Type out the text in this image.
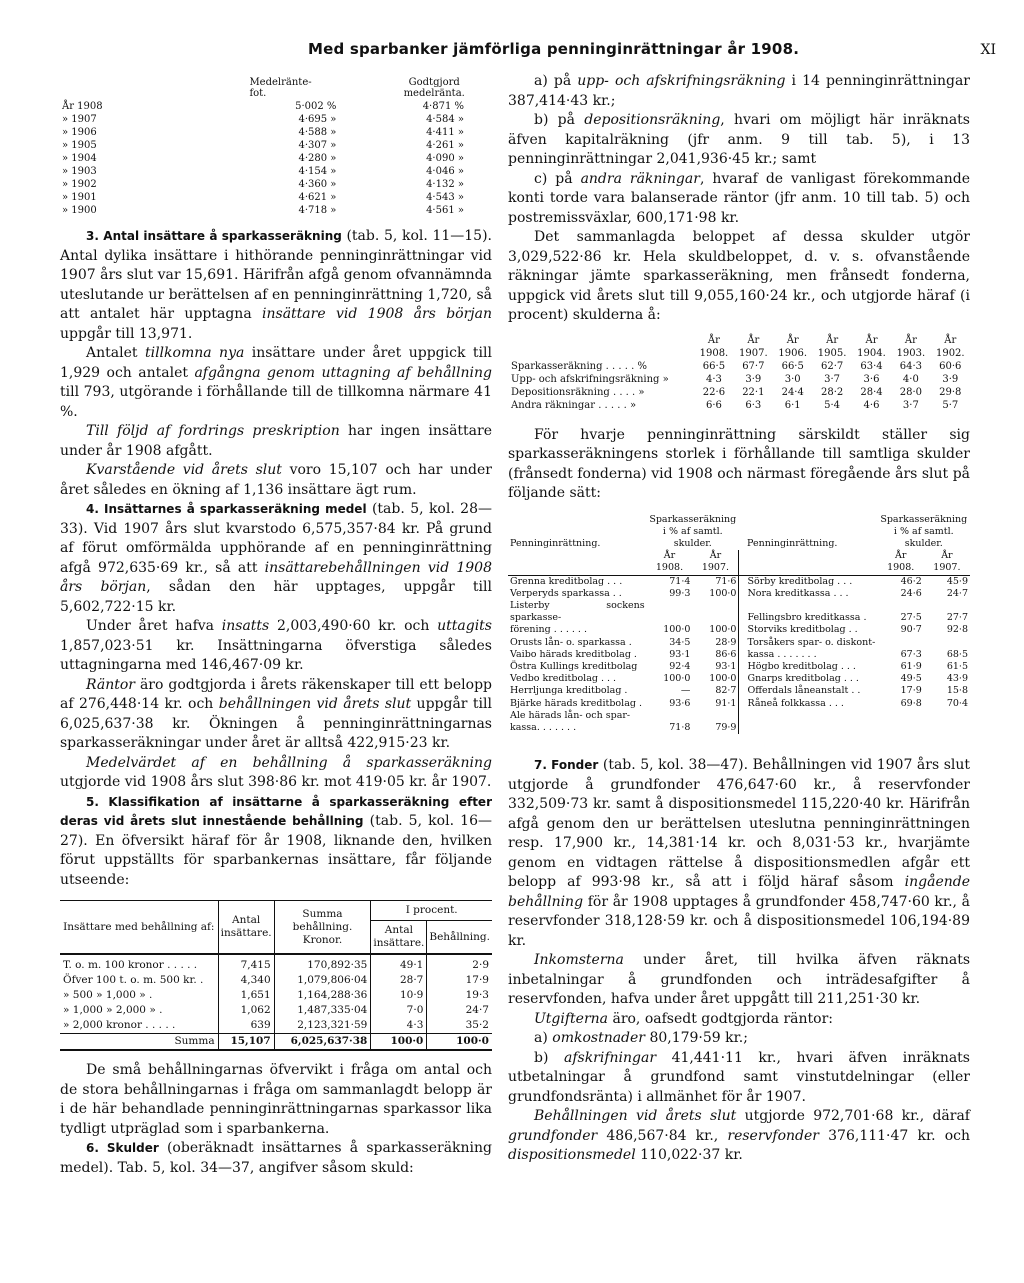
Med sparbanker jämförliga penninginrättningar år 1908.	XI
	Medelränte-
fot.	Godtgjord
medelränta.
År 1908	5·002 %	4·871 %
» 1907	4·695 »	4·584 »
» 1906	4·588 »	4·411 »
» 1905	4·307 »	4·261 »
» 1904	4·280 »	4·090 »
» 1903	4·154 »	4·046 »
» 1902	4·360 »	4·132 »
» 1901	4·621 »	4·543 »
» 1900	4·718 »	4·561 »

3. Antal insättare å sparkasseräkning (tab. 5, kol. 11—15). Antal dylika insättare i hithörande penninginrättningar vid 1907 års slut var 15,691. Härifrån afgå genom ofvannämnda uteslutande ur berättelsen af en penninginrättning 1,720, så att antalet här upptagna insättare vid 1908 års början uppgår till 13,971.

Antalet tillkomna nya insättare under året uppgick till 1,929 och antalet afgångna genom uttagning af behållning till 793, utgörande i förhållande till de tillkomna närmare 41 %.

Till följd af fordrings preskription har ingen insättare under år 1908 afgått.

Kvarstående vid årets slut voro 15,107 och har under året således en ökning af 1,136 insättare ägt rum.

4. Insättarnes å sparkasseräkning medel (tab. 5, kol. 28—33). Vid 1907 års slut kvarstodo 6,575,357·84 kr. På grund af förut omförmälda upphörande af en penninginrättning afgå 972,635·69 kr., så att insättarebehållningen vid 1908 års början, sådan den här upptages, uppgår till 5,602,722·15 kr.

Under året hafva insatts 2,003,490·60 kr. och uttagits 1,857,023·51 kr. Insättningarna öfverstiga således uttagningarna med 146,467·09 kr.

Räntor äro godtgjorda i årets räkenskaper till ett belopp af 276,448·14 kr. och behållningen vid årets slut uppgår till 6,025,637·38 kr. Ökningen å penninginrättningarnas sparkasseräkningar under året är alltså 422,915·23 kr.

Medelvärdet af en behållning å sparkasseräkning utgjorde vid 1908 års slut 398·86 kr. mot 419·05 kr. år 1907.

5. Klassifikation af insättarne å sparkasseräkning efter deras vid årets slut innestående behållning (tab. 5, kol. 16—27). En öfversikt häraf för år 1908, liknande den, hvilken förut uppställts för sparbankernas insättare, får följande utseende:

Insättare med behållning af:	Antal insättare.	Summa behållning. Kronor.	I procent.	
			Antal insättare.	Behållning.
T. o. m. 100 kronor . . . . .	7,415	170,892·35	49·1	2·9
Öfver 100 t. o. m. 500 kr. .	4,340	1,079,806·04	28·7	17·9
» 500 » 1,000 » .	1,651	1,164,288·36	10·9	19·3
» 1,000 » 2,000 » .	1,062	1,487,335·04	7·0	24·7
» 2,000 kronor . . . . .	639	2,123,321·59	4·3	35·2
Summa	15,107	6,025,637·38	100·0	100·0

De små behållningarnas öfvervikt i fråga om antal och de stora behållningarnas i fråga om sammanlagdt belopp är i de här behandlade penninginrättningarnas sparkassor lika tydligt utpräglad som i sparbankerna.

6. Skulder (oberäknadt insättarnes å sparkasseräkning medel). Tab. 5, kol. 34—37, angifver såsom skuld:

a) på upp- och afskrifningsräkning i 14 penninginrättningar 387,414·43 kr.;

b) på depositionsräkning, hvari om möjligt här inräknats äfven kapitalräkning (jfr anm. 9 till tab. 5), i 13 penninginrättningar 2,041,936·45 kr.; samt

c) på andra räkningar, hvaraf de vanligast förekommande konti torde vara balanserade räntor (jfr anm. 10 till tab. 5) och postremissväxlar, 600,171·98 kr.

Det sammanlagda beloppet af dessa skulder utgör 3,029,522·86 kr. Hela skuldbeloppet, d. v. s. ofvanstående räkningar jämte sparkasseräkning, men frånsedt fonderna, uppgick vid årets slut till 9,055,160·24 kr., och utgjorde häraf (i procent) skulderna å:

	År
1908.	År
1907.	År
1906.	År
1905.	År
1904.	År
1903.	År
1902.
Sparkasseräkning . . . . . %	66·5	67·7	66·5	62·7	63·4	64·3	60·6
Upp- och afskrifningsräkning »	4·3	3·9	3·0	3·7	3·6	4·0	3·9
Depositionsräkning . . . . »	22·6	22·1	24·4	28·2	28·4	28·0	29·8
Andra räkningar . . . . . »	6·6	6·3	6·1	5·4	4·6	3·7	5·7

För hvarje penninginrättning särskildt ställer sig sparkasseräkningens storlek i förhållande till samtliga skulder (frånsedt fonderna) vid 1908 och närmast föregående års slut på följande sätt:

Penninginrättning.	Sparkasseräkning i % af samtl. skulder.		Penninginrättning.	Sparkasseräkning i % af samtl. skulder.	
	År
1908.	År
1907.		År
1908.	År
1907.
Grenna kreditbolag . . .	71·4	71·6	Sörby kreditbolag . . .	46·2	45·9
Verperyds sparkassa . .	99·3	100·0	Nora kreditkassa . . .	24·6	24·7
Listerby sockens sparkasse-			Fellingsbro kreditkassa .	27·5	27·7
förening . . . . . .	100·0	100·0	Storviks kreditbolag . .	90·7	92·8
Orusts lån- o. sparkassa .	34·5	28·9	Torsåkers spar- o. diskont-		
Vaibo härads kreditbolag .	93·1	86·6	kassa . . . . . . .	67·3	68·5
Östra Kullings kreditbolag	92·4	93·1	Högbo kreditbolag . . .	61·9	61·5
Vedbo kreditbolag . . .	100·0	100·0	Gnarps kreditbolag . . .	49·5	43·9
Herrljunga kreditbolag .	—	82·7	Offerdals låneanstalt . .	17·9	15·8
Bjärke härads kreditbolag .	93·6	91·1	Råneå folkkassa . . .	69·8	70·4
Ale härads lån- och spar-					
kassa. . . . . . .	71·8	79·9			

7. Fonder (tab. 5, kol. 38—47). Behållningen vid 1907 års slut utgjorde å grundfonder 476,647·60 kr., å reservfonder 332,509·73 kr. samt å dispositionsmedel 115,220·40 kr. Härifrån afgå genom den ur berättelsen uteslutna penninginrättningen resp. 17,900 kr., 14,381·14 kr. och 8,031·53 kr., hvarjämte genom en vidtagen rättelse å dispositionsmedlen afgår ett belopp af 993·98 kr., så att i följd häraf såsom ingående behållning för år 1908 upptages å grundfonder 458,747·60 kr., å reservfonder 318,128·59 kr. och å dispositionsmedel 106,194·89 kr.

Inkomsterna under året, till hvilka äfven räknats inbetalningar å grundfonden och inträdesafgifter å reservfonden, hafva under året uppgått till 211,251·30 kr.

Utgifterna äro, oafsedt godtgjorda räntor:

a) omkostnader 80,179·59 kr.;

b) afskrifningar 41,441·11 kr., hvari äfven inräknats utbetalningar å grundfond samt vinstutdelningar (eller grundfondsränta) i allmänhet för år 1907.

Behållningen vid årets slut utgjorde 972,701·68 kr., däraf grundfonder 486,567·84 kr., reservfonder 376,111·47 kr. och dispositionsmedel 110,022·37 kr.
